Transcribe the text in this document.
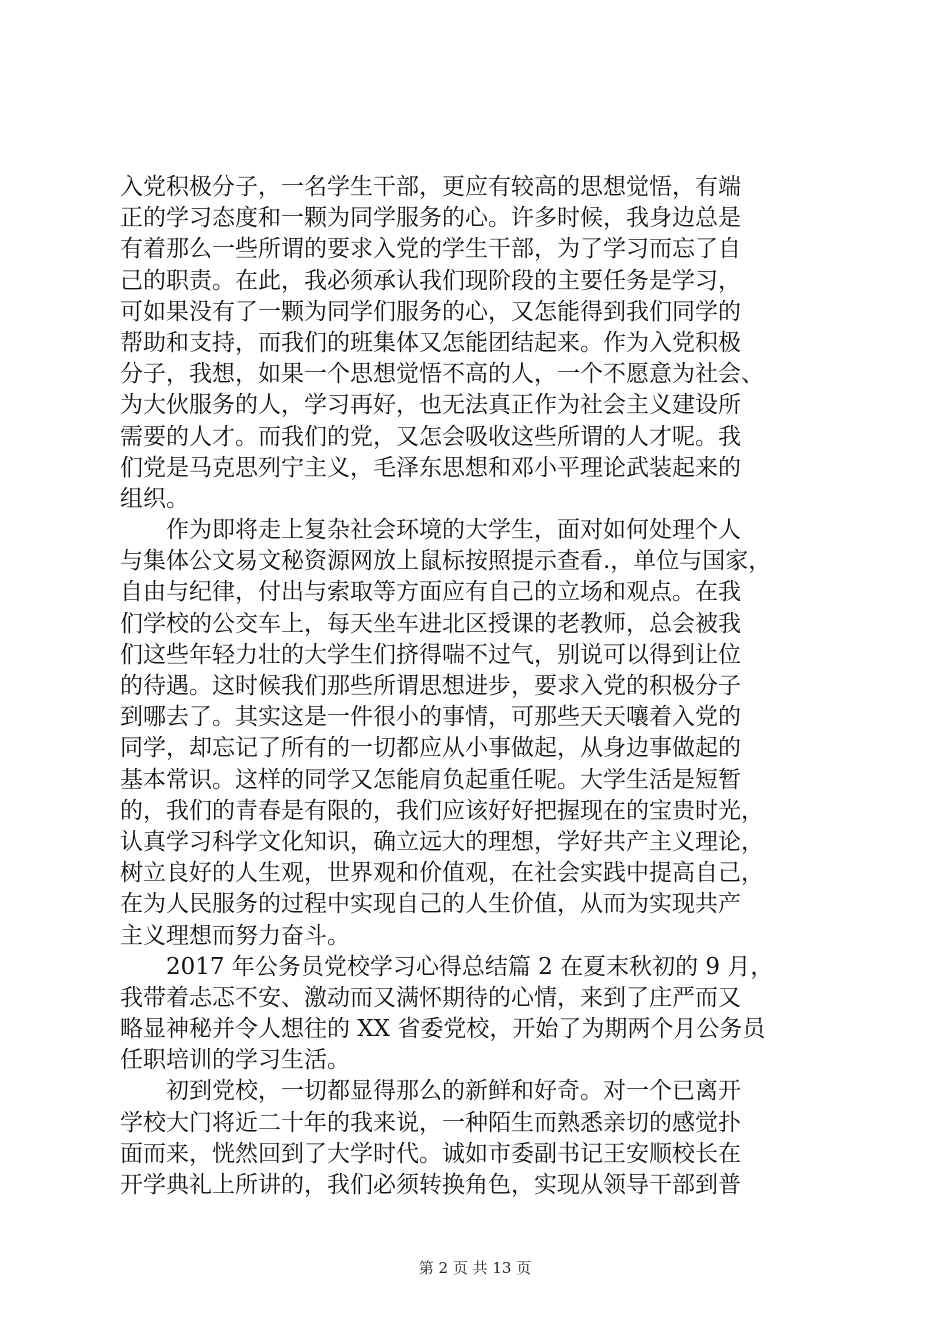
入党积极分子，一名学生干部，更应有较高的思想觉悟，有端
正的学习态度和一颗为同学服务的心。许多时候，我身边总是
有着那么一些所谓的要求入党的学生干部，为了学习而忘了自
己的职责。在此，我必须承认我们现阶段的主要任务是学习，
可如果没有了一颗为同学们服务的心，又怎能得到我们同学的
帮助和支持，而我们的班集体又怎能团结起来。作为入党积极
分子，我想，如果一个思想觉悟不高的人，一个不愿意为社会、
为大伙服务的人，学习再好，也无法真正作为社会主义建设所
需要的人才。而我们的党，又怎会吸收这些所谓的人才呢。我
们党是马克思列宁主义，毛泽东思想和邓小平理论武装起来的
组织。
作为即将走上复杂社会环境的大学生，面对如何处理个人
与集体公文易文秘资源网放上鼠标按照提示查看.，单位与国家，
自由与纪律，付出与索取等方面应有自己的立场和观点。在我
们学校的公交车上，每天坐车进北区授课的老教师，总会被我
们这些年轻力壮的大学生们挤得喘不过气，别说可以得到让位
的待遇。这时候我们那些所谓思想进步，要求入党的积极分子
到哪去了。其实这是一件很小的事情，可那些天天嚷着入党的
同学，却忘记了所有的一切都应从小事做起，从身边事做起的
基本常识。这样的同学又怎能肩负起重任呢。大学生活是短暂
的，我们的青春是有限的，我们应该好好把握现在的宝贵时光，
认真学习科学文化知识，确立远大的理想，学好共产主义理论，
树立良好的人生观，世界观和价值观，在社会实践中提高自己，
在为人民服务的过程中实现自己的人生价值，从而为实现共产
主义理想而努力奋斗。
2017 年公务员党校学习心得总结篇 2 在夏末秋初的 9 月，
我带着忐忑不安、激动而又满怀期待的心情，来到了庄严而又
略显神秘并令人想往的 XX 省委党校，开始了为期两个月公务员
任职培训的学习生活。
初到党校，一切都显得那么的新鲜和好奇。对一个已离开
学校大门将近二十年的我来说，一种陌生而熟悉亲切的感觉扑
面而来，恍然回到了大学时代。诚如市委副书记王安顺校长在
开学典礼上所讲的，我们必须转换角色，实现从领导干部到普
第 2 页 共 13 页
